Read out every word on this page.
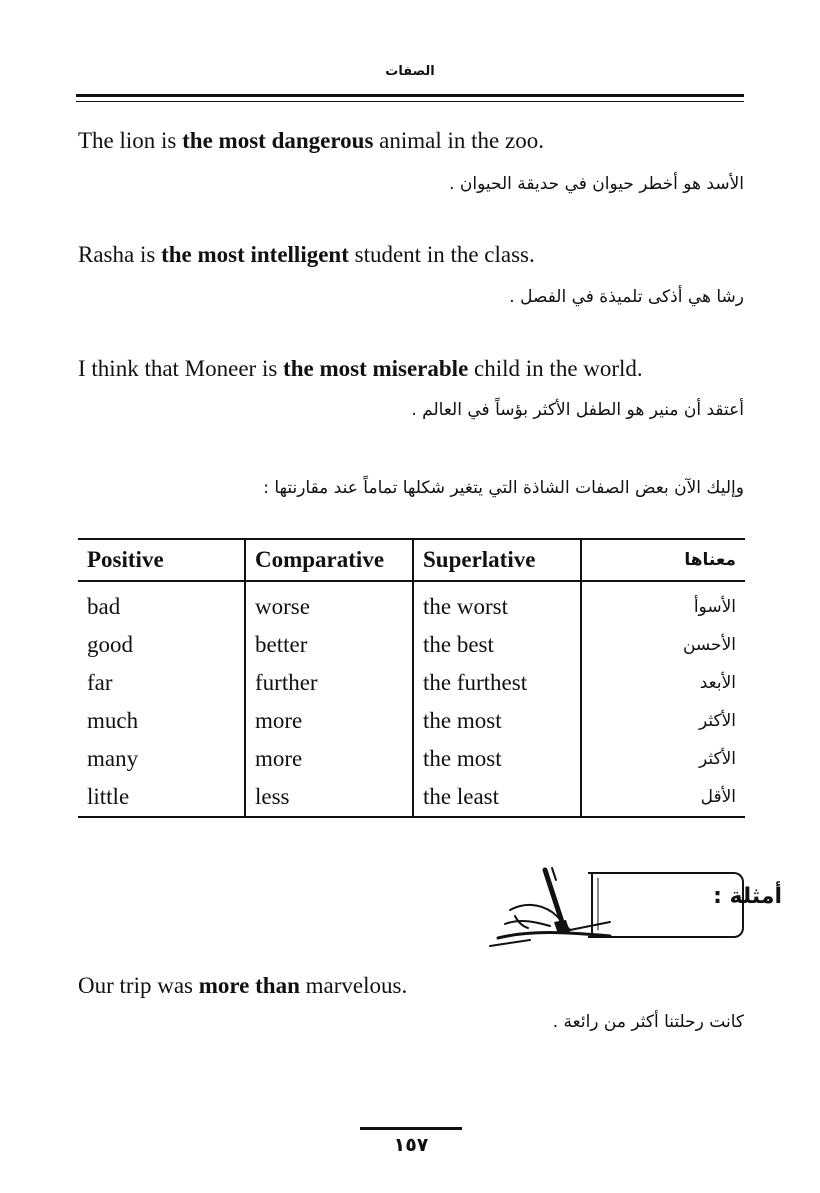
الصفات
The lion is the most dangerous animal in the zoo.
الأسد هو أخطر حيوان في حديقة الحيوان .
Rasha is the most intelligent student in the class.
رشا هي أذكى تلميذة في الفصل .
I think that Moneer is the most miserable child in the world.
أعتقد أن منير هو الطفل الأكثر بؤساً في العالم .
وإليك الآن بعض الصفات الشاذة التي يتغير شكلها تماماً عند مقارنتها :
Positive	Comparative	Superlative	معناها
bad	worse	the worst	الأسوأ
good	better	the best	الأحسن
far	further	the furthest	الأبعد
much	more	the most	الأكثر
many	more	the most	الأكثر
little	less	the least	الأقل
أمثلة :
Our trip was more than marvelous.
كانت رحلتنا أكثر من رائعة .
١٥٧
